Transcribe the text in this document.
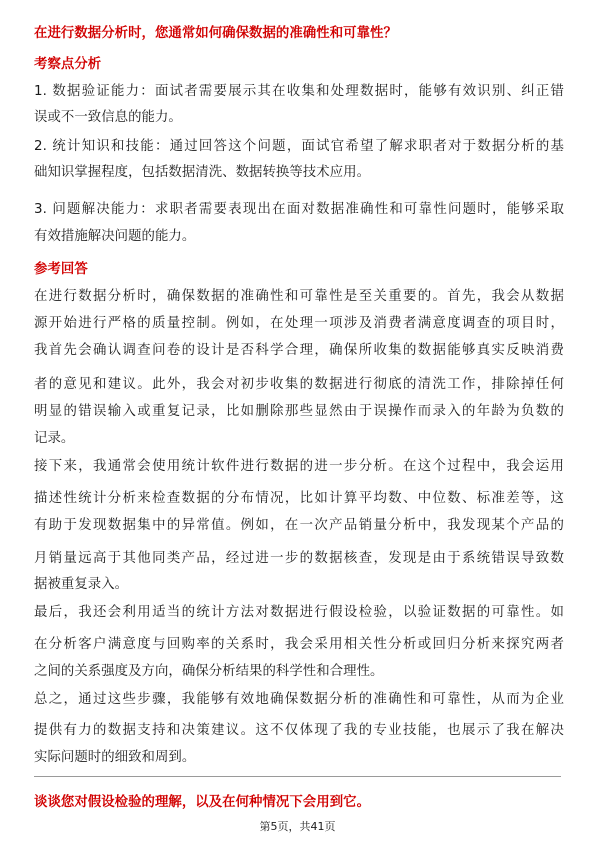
在进行数据分析时，您通常如何确保数据的准确性和可靠性？
考察点分析
1. 数据验证能力：面试者需要展示其在收集和处理数据时，能够有效识别、纠正错
误或不一致信息的能力。
2. 统计知识和技能：通过回答这个问题，面试官希望了解求职者对于数据分析的基
础知识掌握程度，包括数据清洗、数据转换等技术应用。
3. 问题解决能力：求职者需要表现出在面对数据准确性和可靠性问题时，能够采取
有效措施解决问题的能力。
参考回答
在进行数据分析时，确保数据的准确性和可靠性是至关重要的。首先，我会从数据
源开始进行严格的质量控制。例如，在处理一项涉及消费者满意度调查的项目时，
我首先会确认调查问卷的设计是否科学合理，确保所收集的数据能够真实反映消费
者的意见和建议。此外，我会对初步收集的数据进行彻底的清洗工作，排除掉任何
明显的错误输入或重复记录，比如删除那些显然由于误操作而录入的年龄为负数的
记录。
接下来，我通常会使用统计软件进行数据的进一步分析。在这个过程中，我会运用
描述性统计分析来检查数据的分布情况，比如计算平均数、中位数、标准差等，这
有助于发现数据集中的异常值。例如，在一次产品销量分析中，我发现某个产品的
月销量远高于其他同类产品，经过进一步的数据核查，发现是由于系统错误导致数
据被重复录入。
最后，我还会利用适当的统计方法对数据进行假设检验，以验证数据的可靠性。如
在分析客户满意度与回购率的关系时，我会采用相关性分析或回归分析来探究两者
之间的关系强度及方向，确保分析结果的科学性和合理性。
总之，通过这些步骤，我能够有效地确保数据分析的准确性和可靠性，从而为企业
提供有力的数据支持和决策建议。这不仅体现了我的专业技能，也展示了我在解决
实际问题时的细致和周到。
谈谈您对假设检验的理解，以及在何种情况下会用到它。
第5页，共41页
